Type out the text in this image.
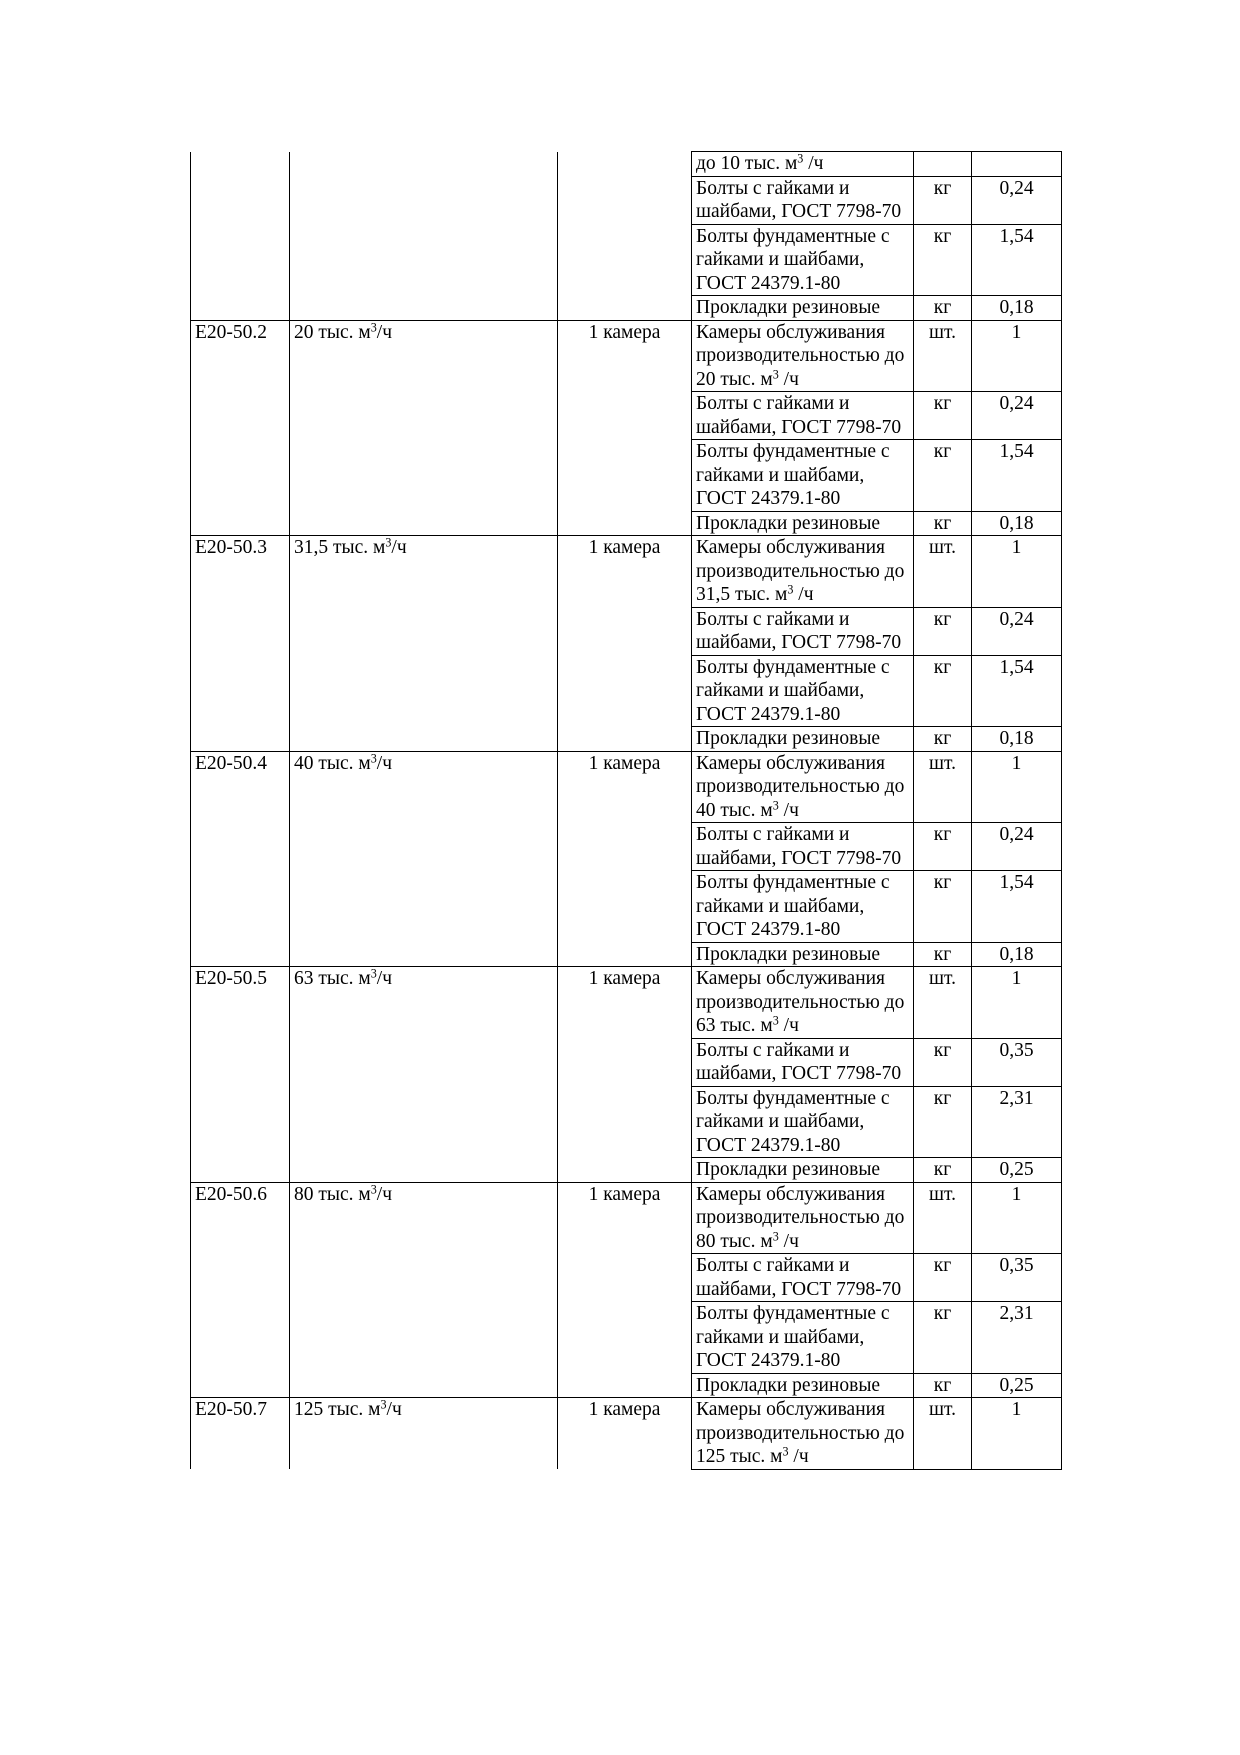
			до 10 тыс. $м^3$ /ч		
			Болты с гайками и шайбами, ГОСТ 7798-70	кг	0,24
			Болты фундаментные с гайками и шайбами, ГОСТ 24379.1-80	кг	1,54
			Прокладки резиновые	кг	0,18
Е20-50.2	20 тыс. $м^3/ч$	1 камера	Камеры обслуживания производительностью до 20 тыс. $м^3$ /ч	шт.	1
			Болты с гайками и шайбами, ГОСТ 7798-70	кг	0,24
			Болты фундаментные с гайками и шайбами, ГОСТ 24379.1-80	кг	1,54
			Прокладки резиновые	кг	0,18
Е20-50.3	31,5 тыс. $м^3/ч$	1 камера	Камеры обслуживания производительностью до 31,5 тыс. $м^3$ /ч	шт.	1
			Болты с гайками и шайбами, ГОСТ 7798-70	кг	0,24
			Болты фундаментные с гайками и шайбами, ГОСТ 24379.1-80	кг	1,54
			Прокладки резиновые	кг	0,18
Е20-50.4	40 тыс. $м^3/ч$	1 камера	Камеры обслуживания производительностью до 40 тыс. $м^3$ /ч	шт.	1
			Болты с гайками и шайбами, ГОСТ 7798-70	кг	0,24
			Болты фундаментные с гайками и шайбами, ГОСТ 24379.1-80	кг	1,54
			Прокладки резиновые	кг	0,18
Е20-50.5	63 тыс. $м^3/ч$	1 камера	Камеры обслуживания производительностью до 63 тыс. $м^3$ /ч	шт.	1
			Болты с гайками и шайбами, ГОСТ 7798-70	кг	0,35
			Болты фундаментные с гайками и шайбами, ГОСТ 24379.1-80	кг	2,31
			Прокладки резиновые	кг	0,25
Е20-50.6	80 тыс. $м^3/ч$	1 камера	Камеры обслуживания производительностью до 80 тыс. $м^3$ /ч	шт.	1
			Болты с гайками и шайбами, ГОСТ 7798-70	кг	0,35
			Болты фундаментные с гайками и шайбами, ГОСТ 24379.1-80	кг	2,31
			Прокладки резиновые	кг	0,25
Е20-50.7	125 тыс. $м^3/ч$	1 камера	Камеры обслуживания производительностью до 125 тыс. $м^3$ /ч	шт.	1
